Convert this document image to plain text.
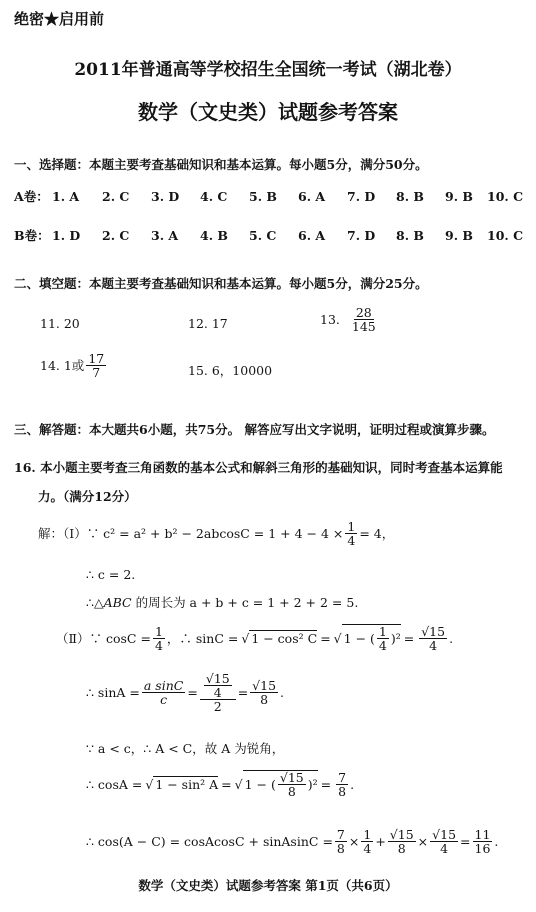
绝密★启用前
2011年普通高等学校招生全国统一考试（湖北卷）
数学（文史类）试题参考答案
一、选择题：本题主要考查基础知识和基本运算。每小题5分，满分50分。
A卷： 1. A	2. C	3. D	4. C	5. B	6. A	7. D	8. B	9. B	10. C
B卷： 1. D	2. C	3. A	4. B	5. C	6. A	7. D	8. B	9. B	10. C
二、填空题：本题主要考查基础知识和基本运算。每小题5分，满分25分。
11. 20	12. 17	13. $\frac{28}{145}$
14. 1或 $\frac{17}{7}$	15. 6，10000
三、解答题：本大题共6小题，共75分。 解答应写出文字说明，证明过程或演算步骤。
16. 本小题主要考查三角函数的基本公式和解斜三角形的基础知识，同时考查基本运算能
力。（满分12分）
解：（Ⅰ）∵ $c^2 = a^2 + b^2 - 2abcosC = 1 + 4 - 4 \times \frac{1}{4} = 4$，
∴ c = 2.
∴△ABC 的周长为 a + b + c = 1 + 2 + 2 = 5.
（Ⅱ）∵ $\cos C = \frac{1}{4}$ ，∴ sinC = √ 1 − cos² C = √ 1 − ( $\frac{1}{4} )^2 = \frac{√15}{4}$ .
∴ $\sin A = \frac{\text{a sinC}}{c} = \frac{\frac{√15}{4}}{2} = \frac{√15}{8}$ .
∵ a < c，∴ A < C，故 A 为锐角，
∴ cosA = √ 1 − sin² A = √ 1 − ( $\frac{√15}{8} )^2 = \frac{7}{8}$ .
∴ cos(A − C) = cosAcosC + sinAsinC = $\frac{7}{8} \times \frac{1}{4} + \frac{√15}{8} \times \frac{√15}{4} = \frac{11}{16}$ .
数学（文史类）试题参考答案 第1页（共6页）
